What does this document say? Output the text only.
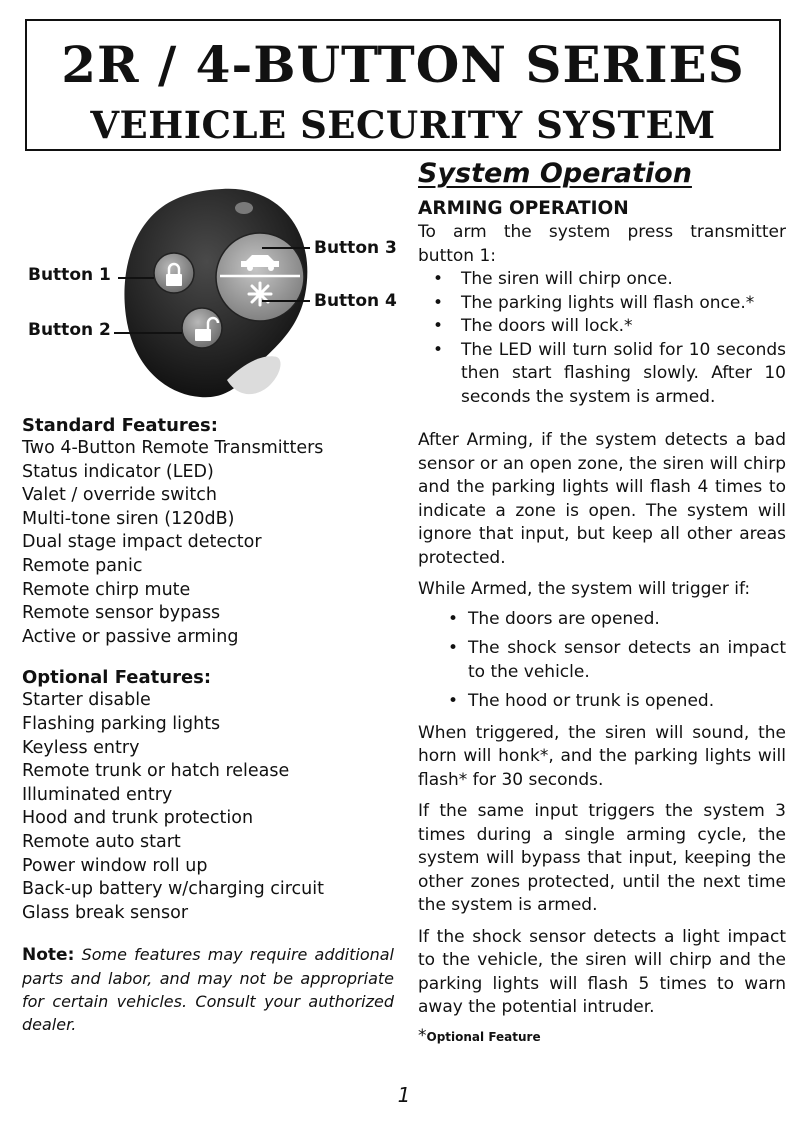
2R / 4-BUTTON SERIES
VEHICLE SECURITY SYSTEM
Button 1
Button 2
Button 3
Button 4
Standard Features:
Two 4-Button Remote Transmitters
Status indicator (LED)
Valet / override switch
Multi-tone siren (120dB)
Dual stage impact detector
Remote panic
Remote chirp mute
Remote sensor bypass
Active or passive arming
Optional Features:
Starter disable
Flashing parking lights
Keyless entry
Remote trunk or hatch release
Illuminated entry
Hood and trunk protection
Remote auto start
Power window roll up
Back-up battery w/charging circuit
Glass break sensor
Note: Some features may require additional parts and labor, and may not be appropriate for certain vehicles. Consult your authorized dealer.
System Operation
ARMING OPERATION

To arm the system press transmitter button 1:

• The siren will chirp once.
• The parking lights will flash once.*
• The doors will lock.*
• The LED will turn solid for 10 seconds then start flashing slowly. After 10 seconds the system is armed.

After Arming, if the system detects a bad sensor or an open zone, the siren will chirp and the parking lights will flash 4 times to indicate a zone is open. The system will ignore that input, but keep all other areas protected.

While Armed, the system will trigger if:

• The doors are opened.
• The shock sensor detects an impact to the vehicle.
• The hood or trunk is opened.

When triggered, the siren will sound, the horn will honk*, and the parking lights will flash* for 30 seconds.

If the same input triggers the system 3 times during a single arming cycle, the system will bypass that input, keeping the other zones protected, until the next time the system is armed.

If the shock sensor detects a light impact to the vehicle, the siren will chirp and the parking lights will flash 5 times to warn away the potential intruder.

*Optional Feature
1
